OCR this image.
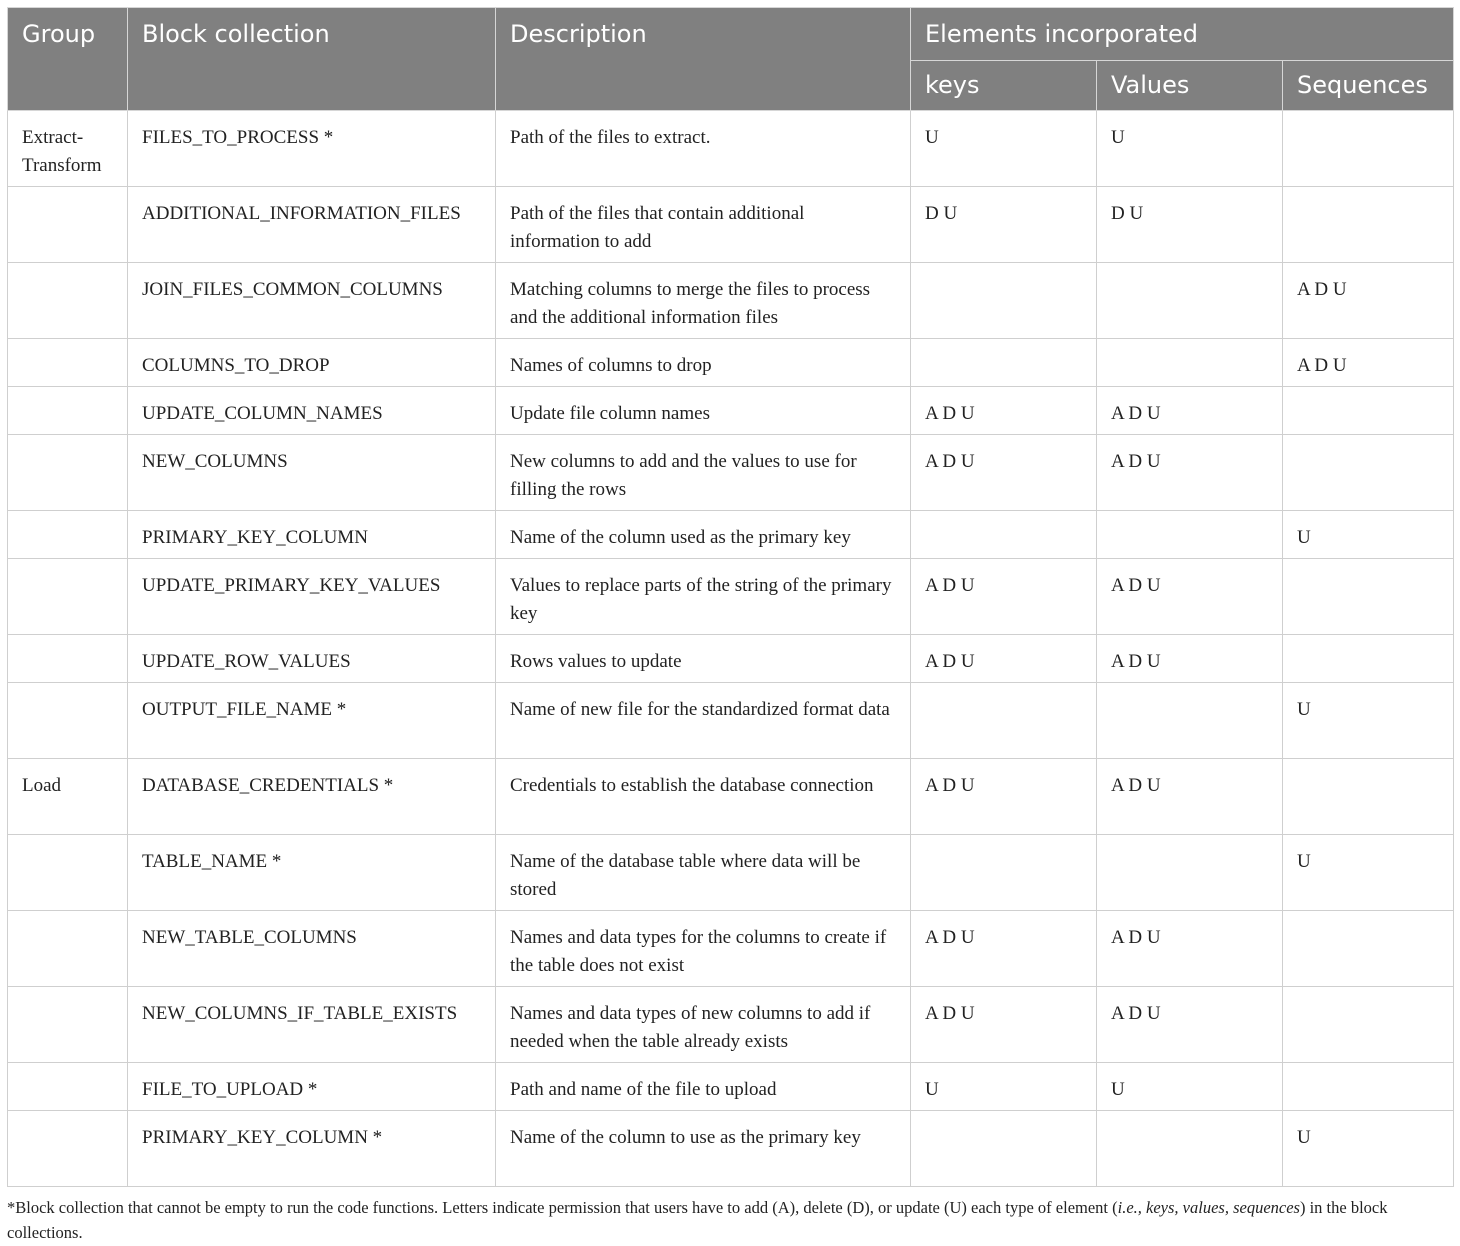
Group	Block collection	Description	Elements incorporated		
			keys	Values	Sequences
Extract-Transform	FILES_TO_PROCESS *	Path of the files to extract.	U	U	
	ADDITIONAL_INFORMATION_FILES	Path of the files that contain additional information to add	D U	D U	
	JOIN_FILES_COMMON_COLUMNS	Matching columns to merge the files to process and the additional information files			A D U
	COLUMNS_TO_DROP	Names of columns to drop			A D U
	UPDATE_COLUMN_NAMES	Update file column names	A D U	A D U	
	NEW_COLUMNS	New columns to add and the values to use for filling the rows	A D U	A D U	
	PRIMARY_KEY_COLUMN	Name of the column used as the primary key			U
	UPDATE_PRIMARY_KEY_VALUES	Values to replace parts of the string of the primary key	A D U	A D U	
	UPDATE_ROW_VALUES	Rows values to update	A D U	A D U	
	OUTPUT_FILE_NAME *	Name of new file for the standardized format data			U
Load	DATABASE_CREDENTIALS *	Credentials to establish the database connection	A D U	A D U	
	TABLE_NAME *	Name of the database table where data will be stored			U
	NEW_TABLE_COLUMNS	Names and data types for the columns to create if the table does not exist	A D U	A D U	
	NEW_COLUMNS_IF_TABLE_EXISTS	Names and data types of new columns to add if needed when the table already exists	A D U	A D U	
	FILE_TO_UPLOAD *	Path and name of the file to upload	U	U	
	PRIMARY_KEY_COLUMN *	Name of the column to use as the primary key			U
*Block collection that cannot be empty to run the code functions. Letters indicate permission that users have to add (A), delete (D), or update (U) each type of element (i.e., keys, values, sequences) in the block collections.
